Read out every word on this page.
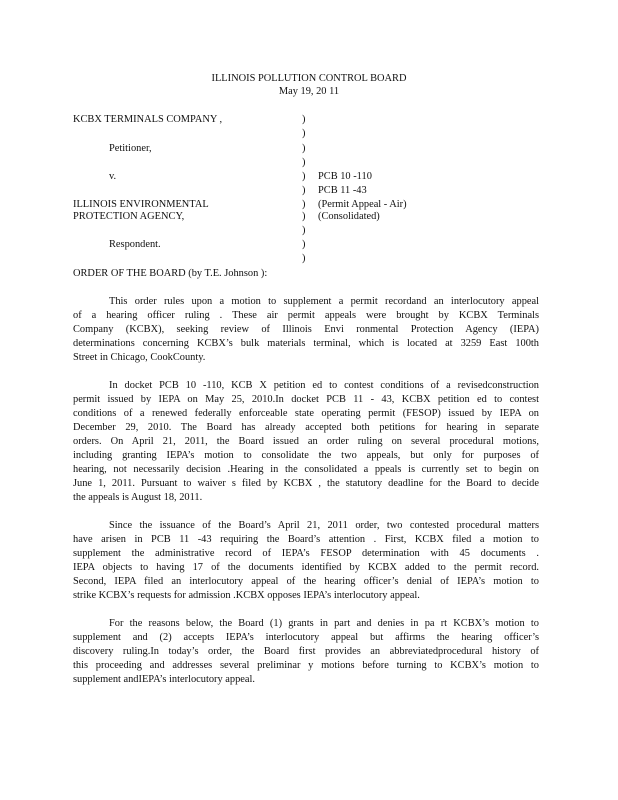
ILLINOIS POLLUTION CONTROL BOARD
May 19, 20 11
KCBX TERMINALS COMPANY ,
Petitioner,
v.
ILLINOIS ENVIRONMENTAL
PROTECTION AGENCY,
Respondent.
)
)
)
)
)
)
)
)
)
)
)
PCB 10 -110
PCB 11 -43
(Permit Appeal - Air)
(Consolidated)
ORDER OF THE BOARD (by T.E. Johnson ):
This order rules upon a motion to supplement a permit recordand an interlocutory appeal
of a hearing officer ruling . These air permit appeals were brought by KCBX Terminals
Company (KCBX), seeking review of Illinois Envi ronmental Protection Agency (IEPA)
determinations concerning KCBX’s bulk materials terminal, which is located at 3259 East 100th
Street in Chicago, CookCounty.
In docket PCB 10 -110, KCB X petition ed to contest conditions of a revisedconstruction
permit issued by IEPA on May 25, 2010.In docket PCB 11 - 43, KCBX petition ed to contest
conditions of a renewed federally enforceable state operating permit (FESOP) issued by IEPA on
December 29, 2010. The Board has already accepted both petitions for hearing in separate
orders. On April 21, 2011, the Board issued an order ruling on several procedural motions,
including granting IEPA’s motion to consolidate the two appeals, but only for purposes of
hearing, not necessarily decision .Hearing in the consolidated a ppeals is currently set to begin on
June 1, 2011. Pursuant to waiver s filed by KCBX , the statutory deadline for the Board to decide
the appeals is August 18, 2011.
Since the issuance of the Board’s April 21, 2011 order, two contested procedural matters
have arisen in PCB 11 -43 requiring the Board’s attention . First, KCBX filed a motion to
supplement the administrative record of IEPA’s FESOP determination with 45 documents .
IEPA objects to having 17 of the documents identified by KCBX added to the permit record.
Second, IEPA filed an interlocutory appeal of the hearing officer’s denial of IEPA’s motion to
strike KCBX’s requests for admission .KCBX opposes IEPA’s interlocutory appeal.
For the reasons below, the Board (1) grants in part and denies in pa rt KCBX’s motion to
supplement and (2) accepts IEPA’s interlocutory appeal but affirms the hearing officer’s
discovery ruling.In today’s order, the Board first provides an abbreviatedprocedural history of
this proceeding and addresses several preliminar y motions before turning to KCBX’s motion to
supplement andIEPA’s interlocutory appeal.
